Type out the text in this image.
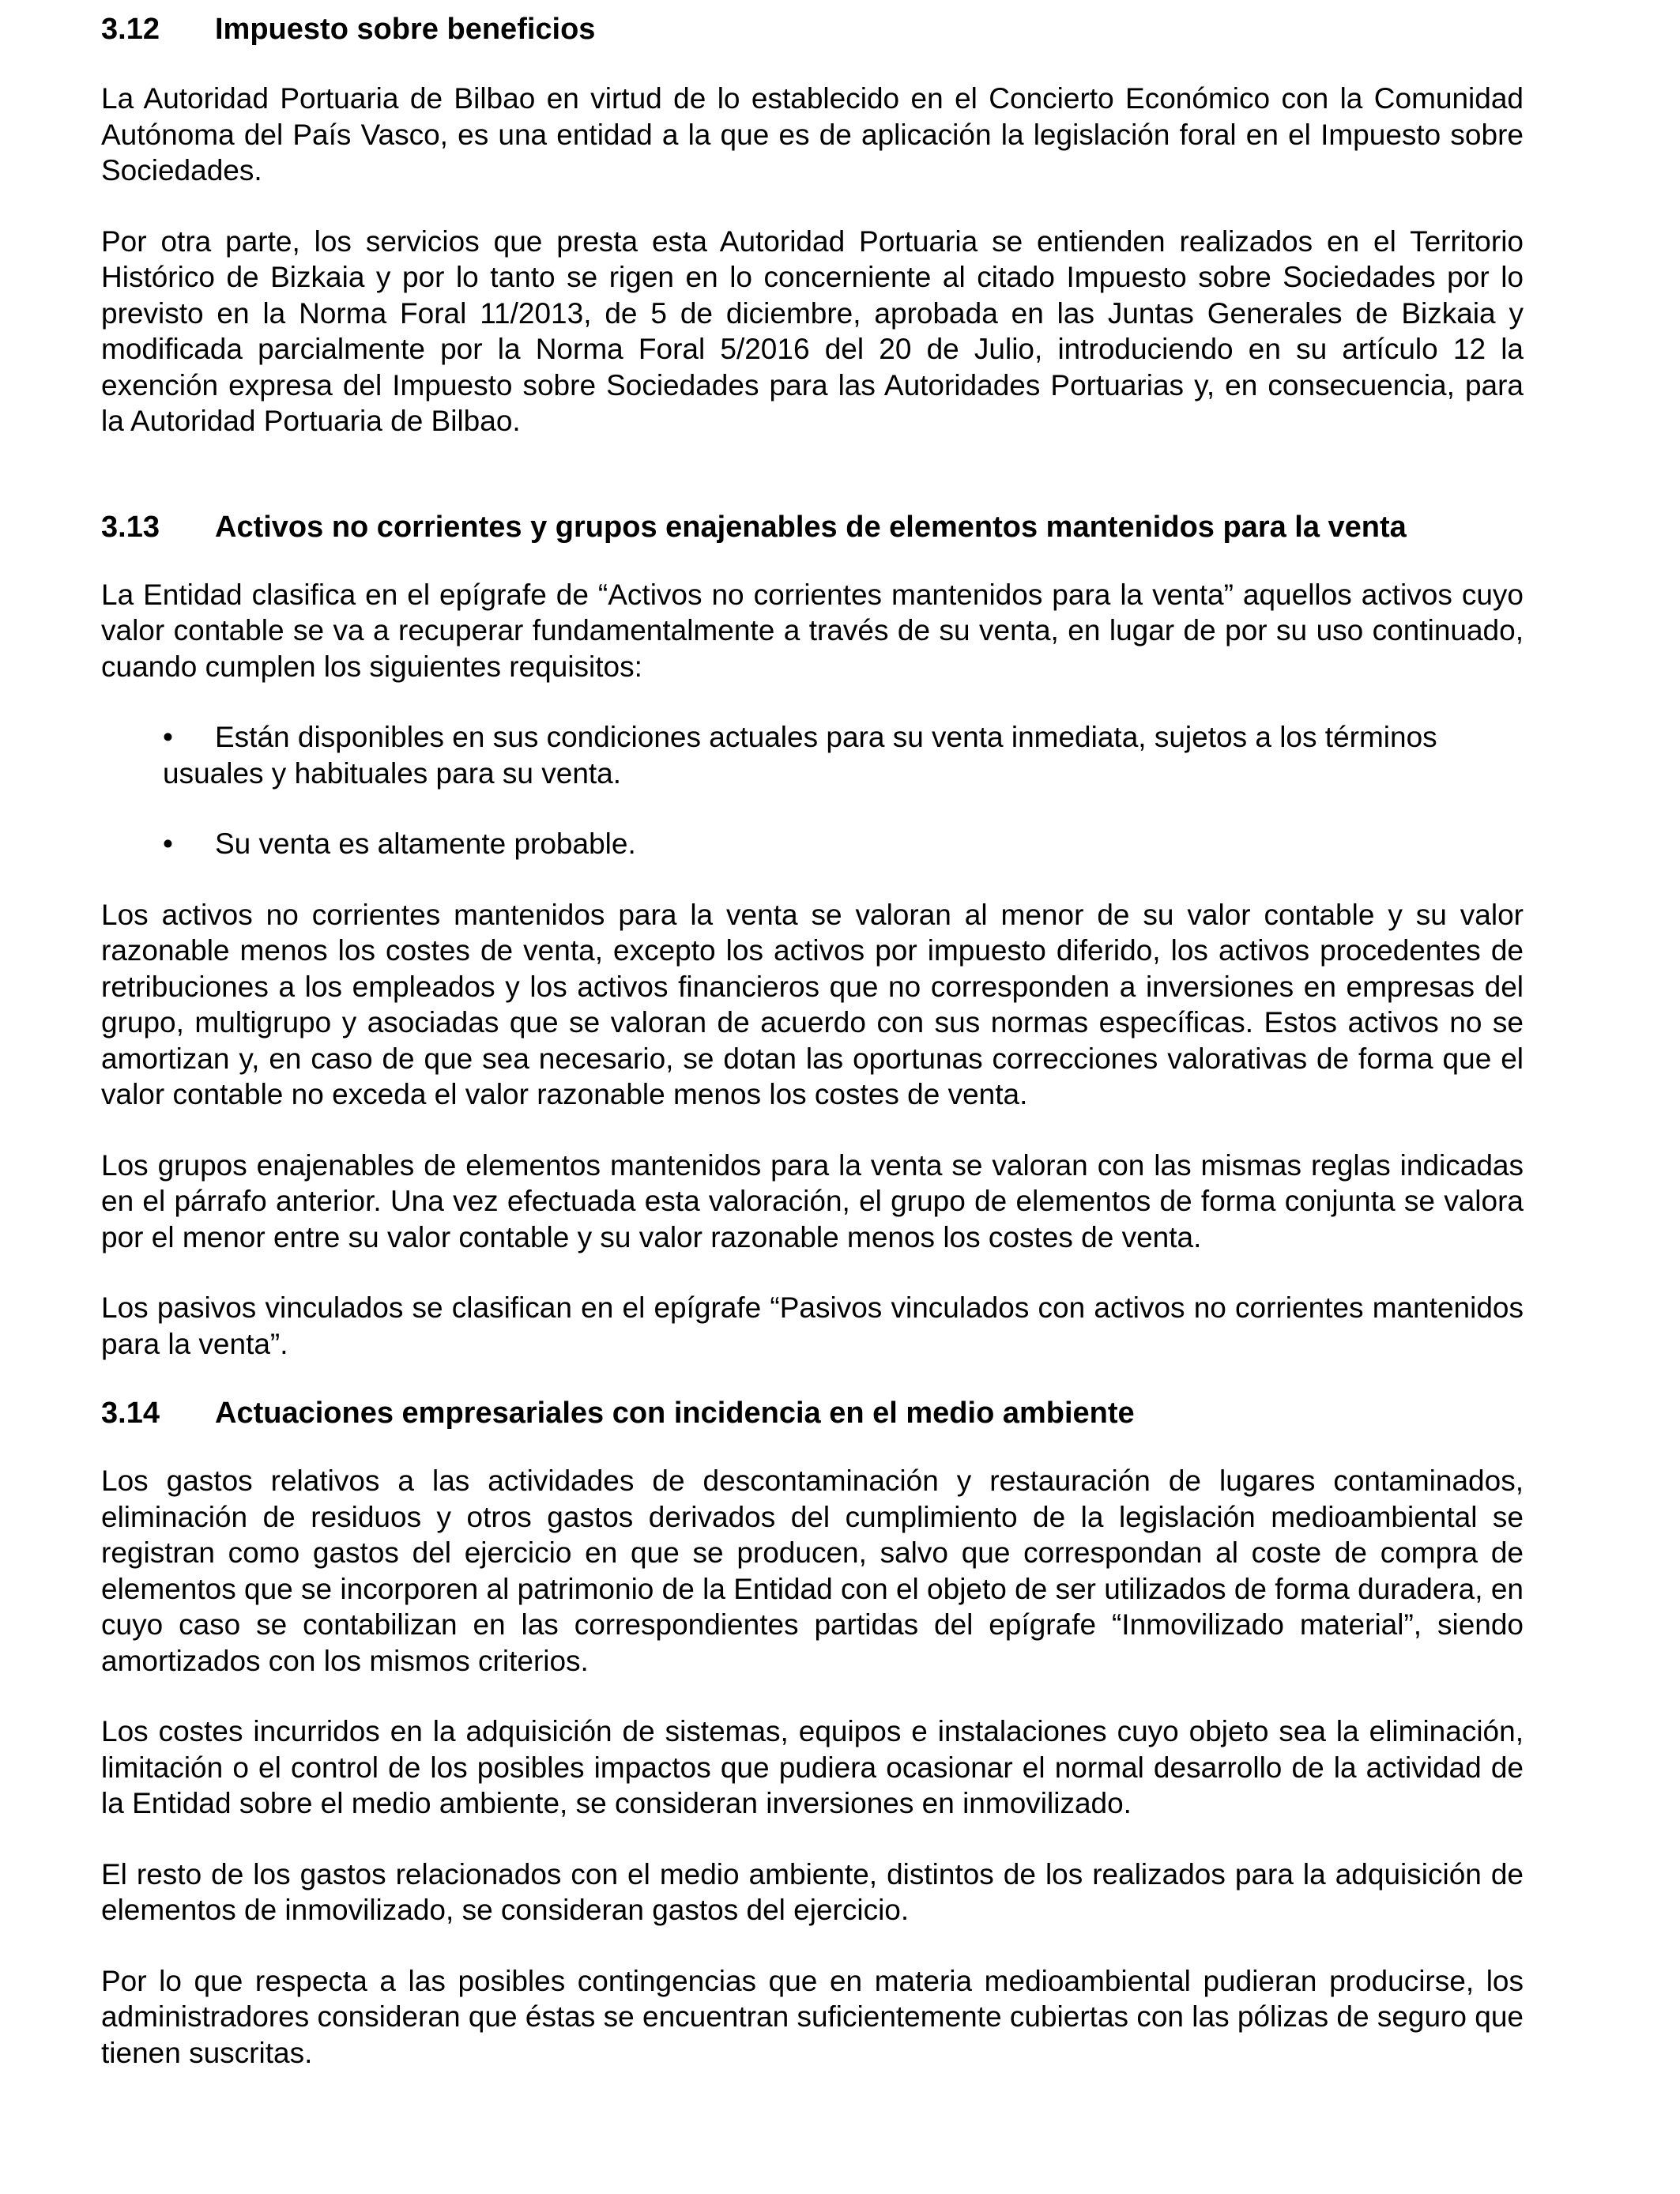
3.12 Impuesto sobre beneficios

La Autoridad Portuaria de Bilbao en virtud de lo establecido en el Concierto Económico con la Comunidad Autónoma del País Vasco, es una entidad a la que es de aplicación la legislación foral en el Impuesto sobre Sociedades.

Por otra parte, los servicios que presta esta Autoridad Portuaria se entienden realizados en el Territorio Histórico de Bizkaia y por lo tanto se rigen en lo concerniente al citado Impuesto sobre Sociedades por lo previsto en la Norma Foral 11/2013, de 5 de diciembre, aprobada en las Juntas Generales de Bizkaia y modificada parcialmente por la Norma Foral 5/2016 del 20 de Julio, introduciendo en su artículo 12 la exención expresa del Impuesto sobre Sociedades para las Autoridades Portuarias y, en consecuencia, para la Autoridad Portuaria de Bilbao.

3.13 Activos no corrientes y grupos enajenables de elementos mantenidos para la venta

La Entidad clasifica en el epígrafe de “Activos no corrientes mantenidos para la venta” aquellos activos cuyo valor contable se va a recuperar fundamentalmente a través de su venta, en lugar de por su uso continuado, cuando cumplen los siguientes requisitos:

• Están disponibles en sus condiciones actuales para su venta inmediata, sujetos a los términos usuales y habituales para su venta.

• Su venta es altamente probable.

Los activos no corrientes mantenidos para la venta se valoran al menor de su valor contable y su valor razonable menos los costes de venta, excepto los activos por impuesto diferido, los activos procedentes de retribuciones a los empleados y los activos financieros que no corresponden a inversiones en empresas del grupo, multigrupo y asociadas que se valoran de acuerdo con sus normas específicas. Estos activos no se amortizan y, en caso de que sea necesario, se dotan las oportunas correcciones valorativas de forma que el valor contable no exceda el valor razonable menos los costes de venta.

Los grupos enajenables de elementos mantenidos para la venta se valoran con las mismas reglas indicadas en el párrafo anterior. Una vez efectuada esta valoración, el grupo de elementos de forma conjunta se valora por el menor entre su valor contable y su valor razonable menos los costes de venta.

Los pasivos vinculados se clasifican en el epígrafe “Pasivos vinculados con activos no corrientes mantenidos para la venta”.

3.14 Actuaciones empresariales con incidencia en el medio ambiente

Los gastos relativos a las actividades de descontaminación y restauración de lugares contaminados, eliminación de residuos y otros gastos derivados del cumplimiento de la legislación medioambiental se registran como gastos del ejercicio en que se producen, salvo que correspondan al coste de compra de elementos que se incorporen al patrimonio de la Entidad con el objeto de ser utilizados de forma duradera, en cuyo caso se contabilizan en las correspondientes partidas del epígrafe “Inmovilizado material”, siendo amortizados con los mismos criterios.

Los costes incurridos en la adquisición de sistemas, equipos e instalaciones cuyo objeto sea la eliminación, limitación o el control de los posibles impactos que pudiera ocasionar el normal desarrollo de la actividad de la Entidad sobre el medio ambiente, se consideran inversiones en inmovilizado.

El resto de los gastos relacionados con el medio ambiente, distintos de los realizados para la adquisición de elementos de inmovilizado, se consideran gastos del ejercicio.

Por lo que respecta a las posibles contingencias que en materia medioambiental pudieran producirse, los administradores consideran que éstas se encuentran suficientemente cubiertas con las pólizas de seguro que tienen suscritas.
